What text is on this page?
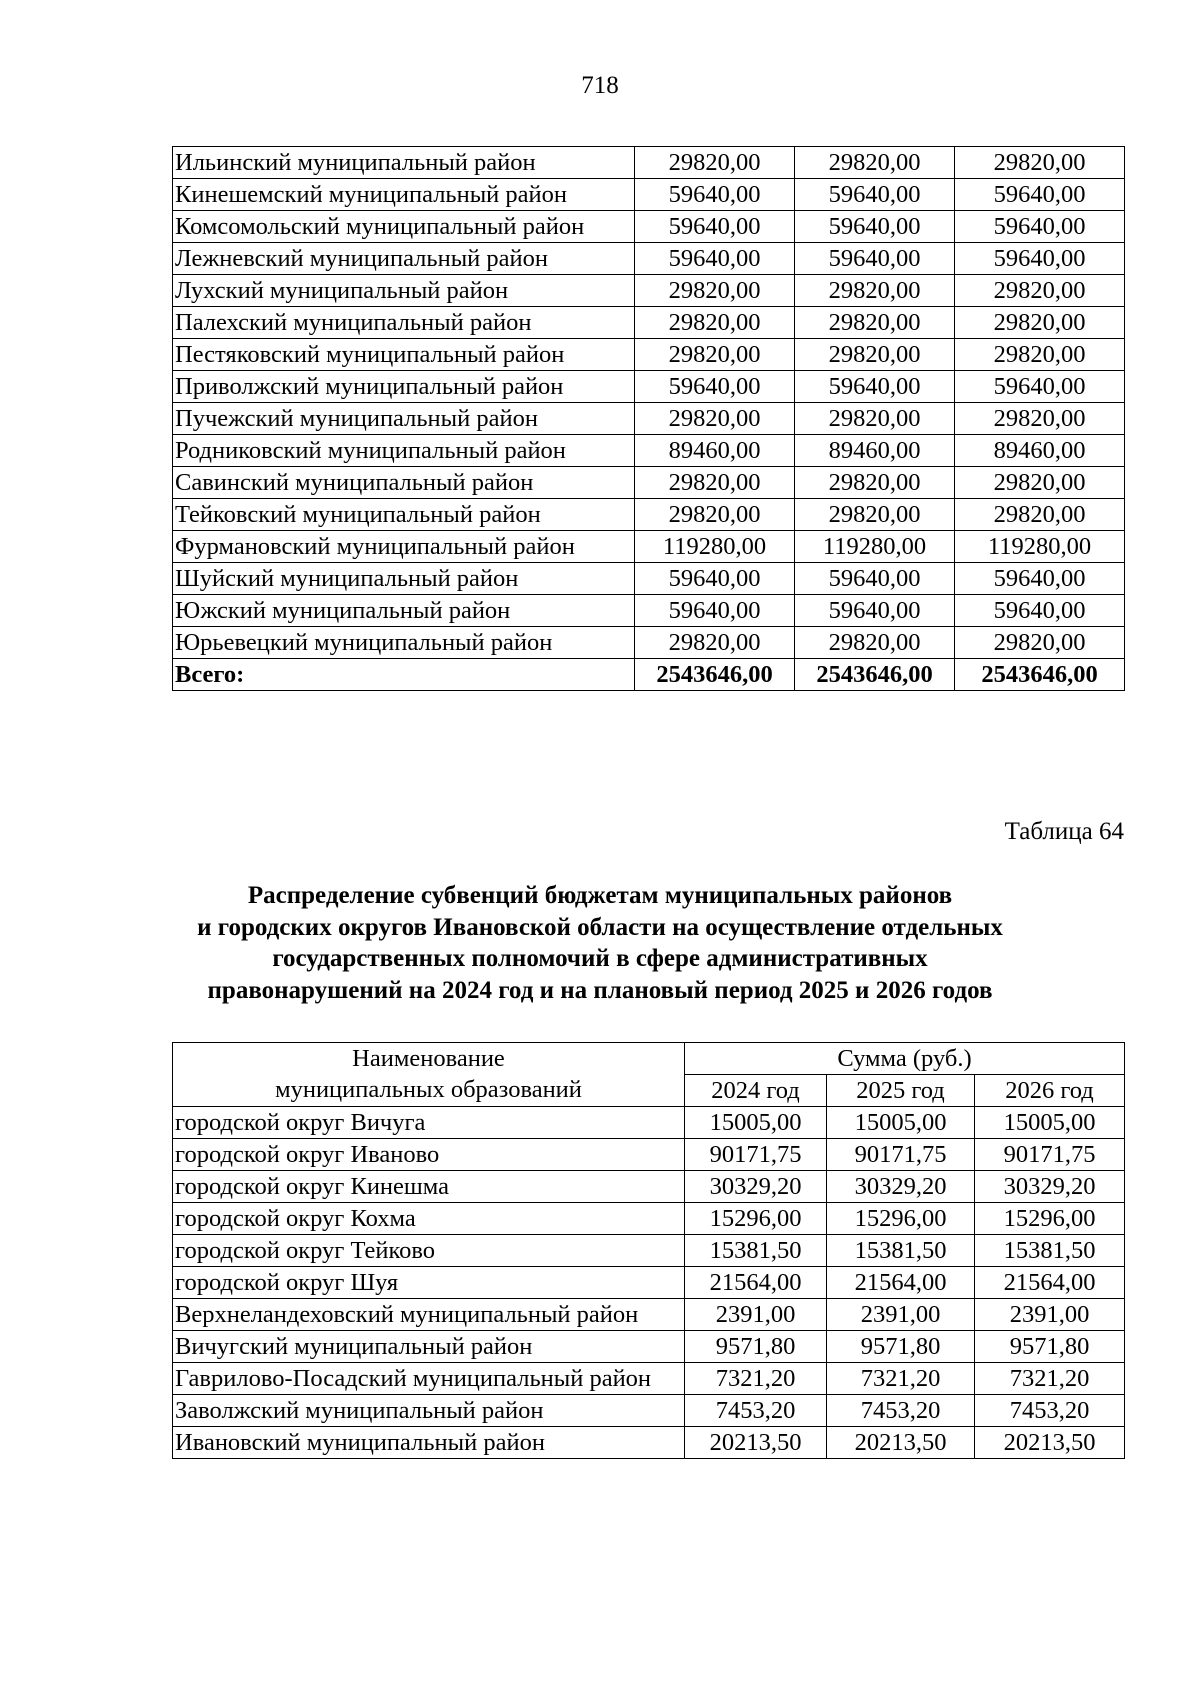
718
Ильинский муниципальный район	29820,00	29820,00	29820,00
Кинешемский муниципальный район	59640,00	59640,00	59640,00
Комсомольский муниципальный район	59640,00	59640,00	59640,00
Лежневский муниципальный район	59640,00	59640,00	59640,00
Лухский муниципальный район	29820,00	29820,00	29820,00
Палехский муниципальный район	29820,00	29820,00	29820,00
Пестяковский муниципальный район	29820,00	29820,00	29820,00
Приволжский муниципальный район	59640,00	59640,00	59640,00
Пучежский муниципальный район	29820,00	29820,00	29820,00
Родниковский муниципальный район	89460,00	89460,00	89460,00
Савинский муниципальный район	29820,00	29820,00	29820,00
Тейковский муниципальный район	29820,00	29820,00	29820,00
Фурмановский муниципальный район	119280,00	119280,00	119280,00
Шуйский муниципальный район	59640,00	59640,00	59640,00
Южский муниципальный район	59640,00	59640,00	59640,00
Юрьевецкий муниципальный район	29820,00	29820,00	29820,00
Всего:	2543646,00	2543646,00	2543646,00
Таблица 64
Распределение субвенций бюджетам муниципальных районов
и городских округов Ивановской области на осуществление отдельных
государственных полномочий в сфере административных
правонарушений на 2024 год и на плановый период 2025 и 2026 годов
Наименование
муниципальных образований	Сумма (руб.)		
	2024 год	2025 год	2026 год
городской округ Вичуга	15005,00	15005,00	15005,00
городской округ Иваново	90171,75	90171,75	90171,75
городской округ Кинешма	30329,20	30329,20	30329,20
городской округ Кохма	15296,00	15296,00	15296,00
городской округ Тейково	15381,50	15381,50	15381,50
городской округ Шуя	21564,00	21564,00	21564,00
Верхнеландеховский муниципальный район	2391,00	2391,00	2391,00
Вичугский муниципальный район	9571,80	9571,80	9571,80
Гаврилово-Посадский муниципальный район	7321,20	7321,20	7321,20
Заволжский муниципальный район	7453,20	7453,20	7453,20
Ивановский муниципальный район	20213,50	20213,50	20213,50
